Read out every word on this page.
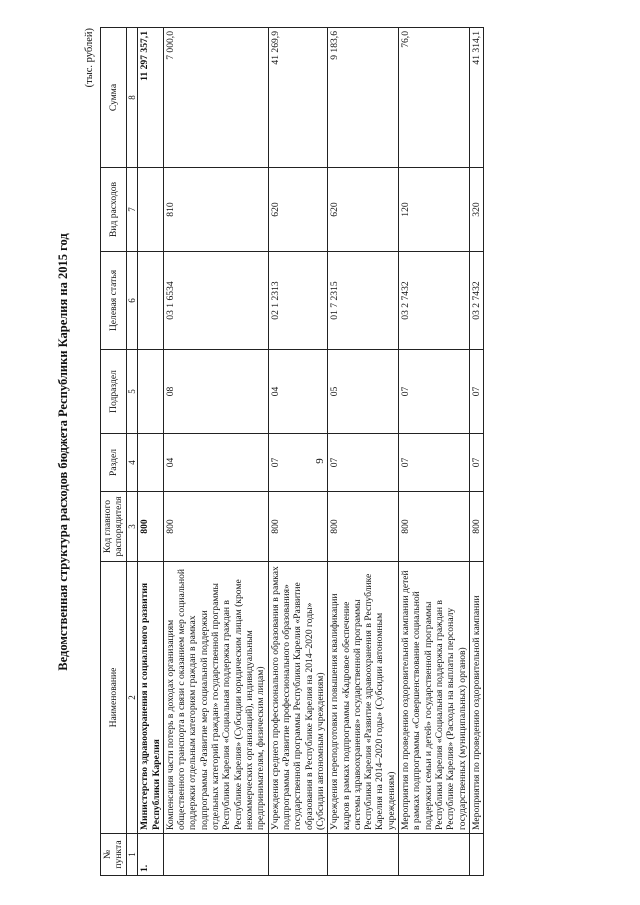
9
Ведомственная структура расходов бюджета Республики Карелия на 2015 год
(тыс. рублей)
№ пункта	Наименование	Код главного распорядителя	Раздел	Подраздел	Целевая статья	Вид расходов	Сумма
1	2	3	4	5	6	7	8
1.	Министерство здравоохранения и социального развития Республики Карелия	800					11 297 357,1
	Компенсация части потерь в доходах организациям общественного транспорта в связи с оказанием мер социальной поддержки отдельным категориям граждан в рамках подпрограммы «Развитие мер социальной поддержки отдельных категорий граждан» государственной программы Республики Карелия «Социальная поддержка граждан в Республике Карелия» (Субсидии юридическим лицам (кроме некоммерческих организаций), индивидуальным предпринимателям, физическим лицам)	800	04	08	03 1 6534	810	7 000,0
	Учреждения среднего профессионального образования в рамках подпрограммы «Развитие профессионального образования» государственной программы Республики Карелия «Развитие образования в Республике Карелия на 2014–2020 годы» (Субсидии автономным учреждениям)	800	07	04	02 1 2313	620	41 269,9
	Учреждения переподготовки и повышения квалификации кадров в рамках подпрограммы «Кадровое обеспечение системы здравоохранения» государственной программы Республики Карелия «Развитие здравоохранения в Республике Карелия на 2014–2020 годы» (Субсидии автономным учреждениям)	800	07	05	01 7 2315	620	9 183,6
	Мероприятия по проведению оздоровительной кампании детей в рамках подпрограммы «Совершенствование социальной поддержки семьи и детей» государственной программы Республики Карелия «Социальная поддержка граждан в Республике Карелия» (Расходы на выплаты персоналу государственных (муниципальных) органов)	800	07	07	03 2 7432	120	76,0
	Мероприятия по проведению оздоровительной кампании	800	07	07	03 2 7432	320	41 314,1
